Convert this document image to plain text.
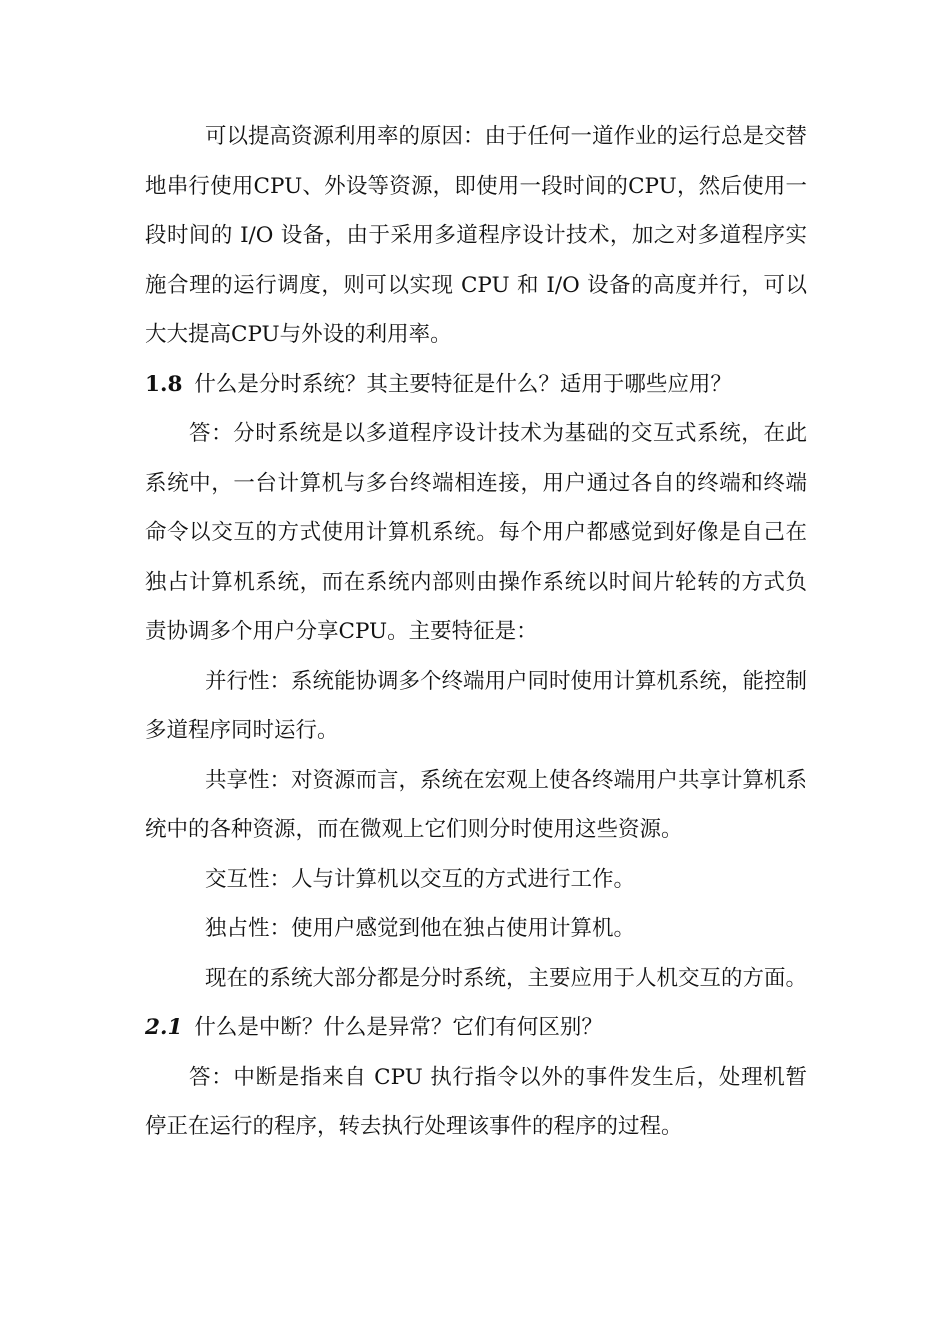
可以提高资源利用率的原因：由于任何一道作业的运行总是交替地串行使用CPU、外设等资源，即使用一段时间的CPU，然后使用一段时间的 I/O 设备，由于采用多道程序设计技术，加之对多道程序实施合理的运行调度，则可以实现 CPU 和 I/O 设备的高度并行，可以大大提高CPU与外设的利用率。

1.8 什么是分时系统？其主要特征是什么？适用于哪些应用？

答：分时系统是以多道程序设计技术为基础的交互式系统，在此系统中，一台计算机与多台终端相连接，用户通过各自的终端和终端命令以交互的方式使用计算机系统。每个用户都感觉到好像是自己在独占计算机系统，而在系统内部则由操作系统以时间片轮转的方式负责协调多个用户分享CPU。主要特征是：

并行性：系统能协调多个终端用户同时使用计算机系统，能控制多道程序同时运行。

共享性：对资源而言，系统在宏观上使各终端用户共享计算机系统中的各种资源，而在微观上它们则分时使用这些资源。

交互性：人与计算机以交互的方式进行工作。

独占性：使用户感觉到他在独占使用计算机。

现在的系统大部分都是分时系统，主要应用于人机交互的方面。

2.1 什么是中断？什么是异常？它们有何区别？

答：中断是指来自 CPU 执行指令以外的事件发生后，处理机暂停正在运行的程序，转去执行处理该事件的程序的过程。
